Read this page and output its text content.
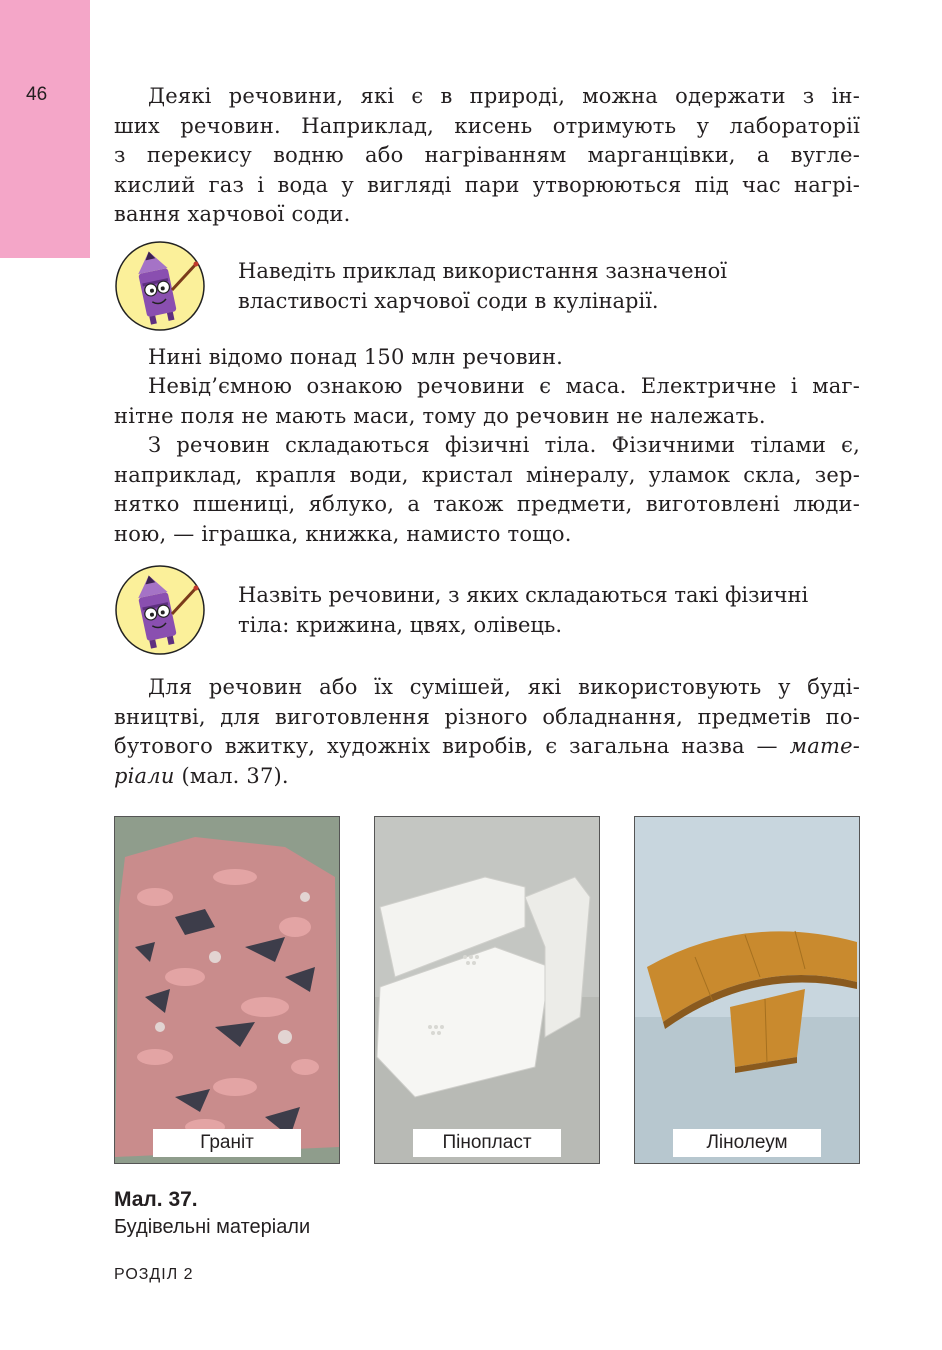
46	Деякі речовини, які є в природі, можна одержати з ін-
ших речовин. Наприклад, кисень отримують у лабораторії
з перекису водню або нагріванням марганцівки, а вугле-
кислий газ і вода у вигляді пари утворюються під час нагрі-
вання харчової соди.
Наведіть приклад використання зазначеної
властивості харчової соди в кулінарії.
Нині відомо понад 150 млн речовин.
Невід’ємною ознакою речовини є маса. Електричне і маг-
нітне поля не мають маси, тому до речовин не належать.
З речовин складаються фізичні тіла. Фізичними тілами є,
наприклад, крапля води, кристал мінералу, уламок скла, зер-
нятко пшениці, яблуко, а також предмети, виготовлені люди-
ною, — іграшка, книжка, намисто тощо.
Назвіть речовини, з яких складаються такі фізичні
тіла: крижина, цвях, олівець.
Для речовин або їх сумішей, які використовують у буді-
вництві, для виготовлення різного обладнання, предметів по-
бутового вжитку, художніх виробів, є загальна назва — мате-
ріали (мал. 37).
Граніт	Пінопласт	Лінолеум
Мал. 37.
Будівельні матеріали
РОЗДІЛ 2
